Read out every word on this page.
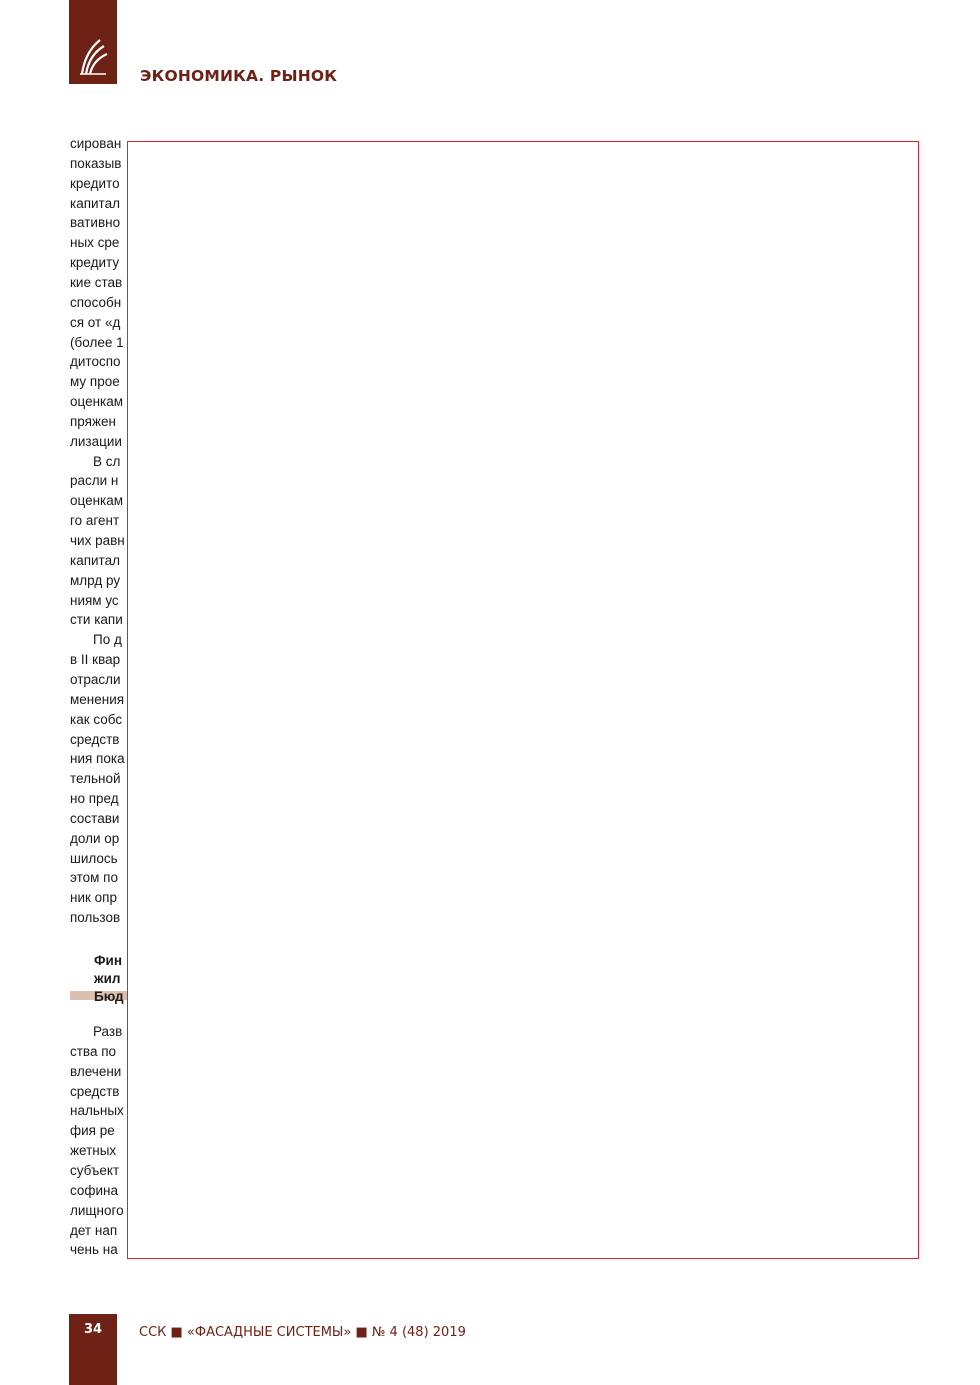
ЭКОНОМИКА. РЫНОК
сирован
показыв
кредито
капитал
вативно
ных сре
кредиту
кие став
способн
ся от «д
(более 1
дитоспо
му прое
оценкам
пряжен
лизации
В сл
расли н
оценкам
го агент
чих равн
капитал
млрд ру
ниям ус
сти капи
По д
в II квар
отрасли
менения
как собс
средств
ния пока
тельной
но пред
состави
доли ор
шилось
этом по
ник опр
пользов
Фин
жил
Бюд
Разв
ства по
влечени
средств
нальных
фия ре
жетных
субъект
софина
лищного
дет нап
чень на
34	ССК ■ «ФАСАДНЫЕ СИСТЕМЫ» ■ № 4 (48) 2019
